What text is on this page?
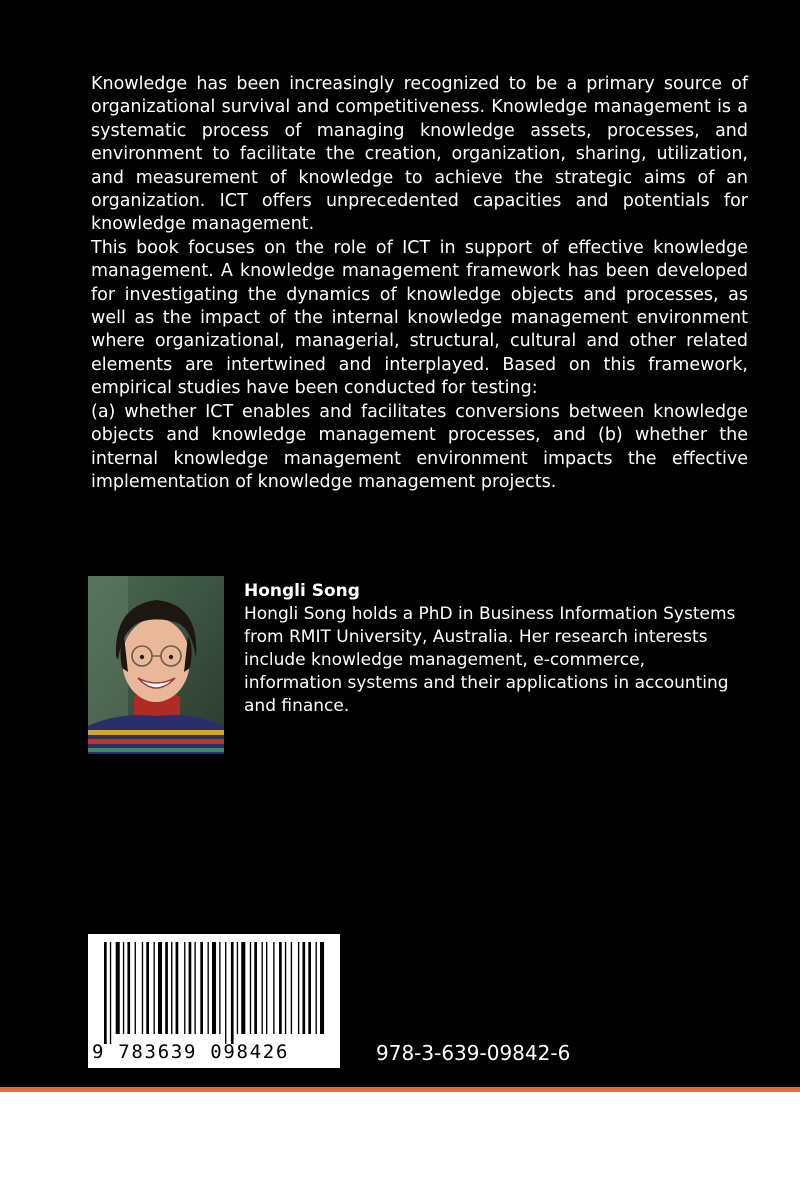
Knowledge has been increasingly recognized to be a primary source of organizational survival and competitiveness. Knowledge management is a systematic process of managing knowledge assets, processes, and environment to facilitate the creation, organization, sharing, utilization, and measurement of knowledge to achieve the strategic aims of an organization. ICT offers unprecedented capacities and potentials for knowledge management.

This book focuses on the role of ICT in support of effective knowledge management. A knowledge management framework has been developed for investigating the dynamics of knowledge objects and processes, as well as the impact of the internal knowledge management environment where organizational, managerial, structural, cultural and other related elements are intertwined and interplayed. Based on this framework, empirical studies have been conducted for testing:

(a) whether ICT enables and facilitates conversions between knowledge objects and knowledge management processes, and (b) whether the internal knowledge management environment impacts the effective implementation of knowledge management projects.

Hongli Song

Hongli Song holds a PhD in Business Information Systems from RMIT University, Australia. Her research interests include knowledge management, e-commerce, information systems and their applications in accounting and finance.

9 783639 098426	978-3-639-09842-6
